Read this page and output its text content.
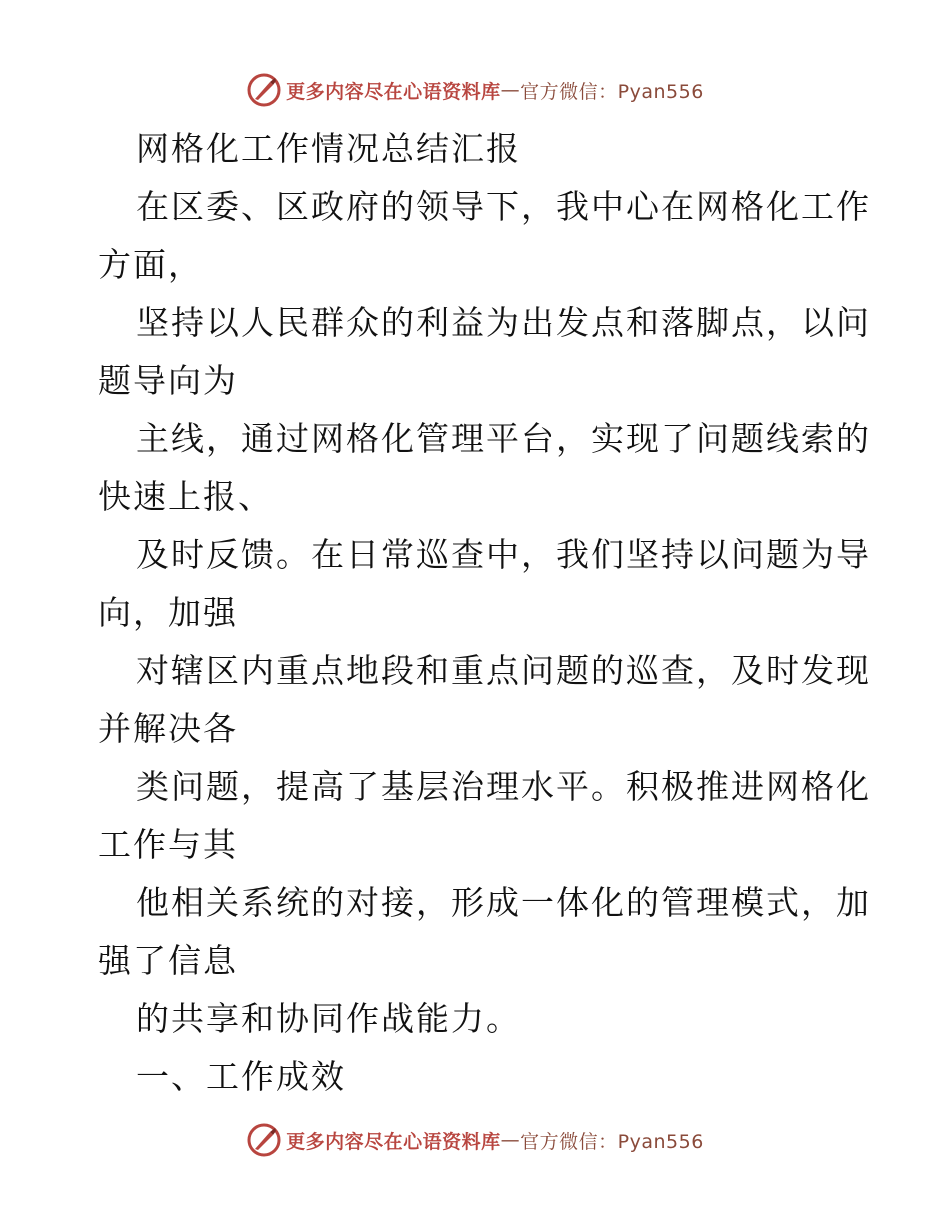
更多内容尽在心语资料库 — 官方微信：Pyan556
网格化工作情况总结汇报
在区委、区政府的领导下，我中心在网格化工作
方面，
坚持以人民群众的利益为出发点和落脚点，以问
题导向为
主线，通过网格化管理平台，实现了问题线索的
快速上报、
及时反馈。在日常巡查中，我们坚持以问题为导
向，加强
对辖区内重点地段和重点问题的巡查，及时发现
并解决各
类问题，提高了基层治理水平。积极推进网格化
工作与其
他相关系统的对接，形成一体化的管理模式，加
强了信息
的共享和协同作战能力。
一、工作成效
更多内容尽在心语资料库 — 官方微信：Pyan556
